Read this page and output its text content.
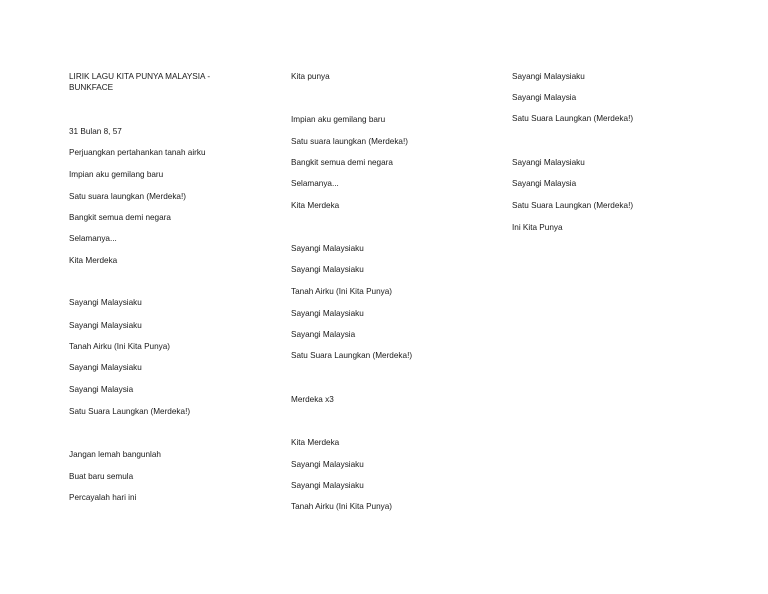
LIRIK LAGU KITA PUNYA MALAYSIA - BUNKFACE
31 Bulan 8, 57
Perjuangkan pertahankan tanah airku
Impian aku gemilang baru
Satu suara laungkan (Merdeka!)
Bangkit semua demi negara
Selamanya...
Kita Merdeka
Sayangi Malaysiaku
Sayangi Malaysiaku
Tanah Airku (Ini Kita Punya)
Sayangi Malaysiaku
Sayangi Malaysia
Satu Suara Laungkan (Merdeka!)
Jangan lemah bangunlah
Buat baru semula
Percayalah hari ini
Kita punya
Impian aku gemilang baru
Satu suara laungkan (Merdeka!)
Bangkit semua demi negara
Selamanya...
Kita Merdeka
Sayangi Malaysiaku
Sayangi Malaysiaku
Tanah Airku (Ini Kita Punya)
Sayangi Malaysiaku
Sayangi Malaysia
Satu Suara Laungkan (Merdeka!)
Merdeka x3
Kita Merdeka
Sayangi Malaysiaku
Sayangi Malaysiaku
Tanah Airku (Ini Kita Punya)
Sayangi Malaysiaku
Sayangi Malaysia
Satu Suara Laungkan (Merdeka!)
Sayangi Malaysiaku
Sayangi Malaysia
Satu Suara Laungkan (Merdeka!)
Ini Kita Punya
